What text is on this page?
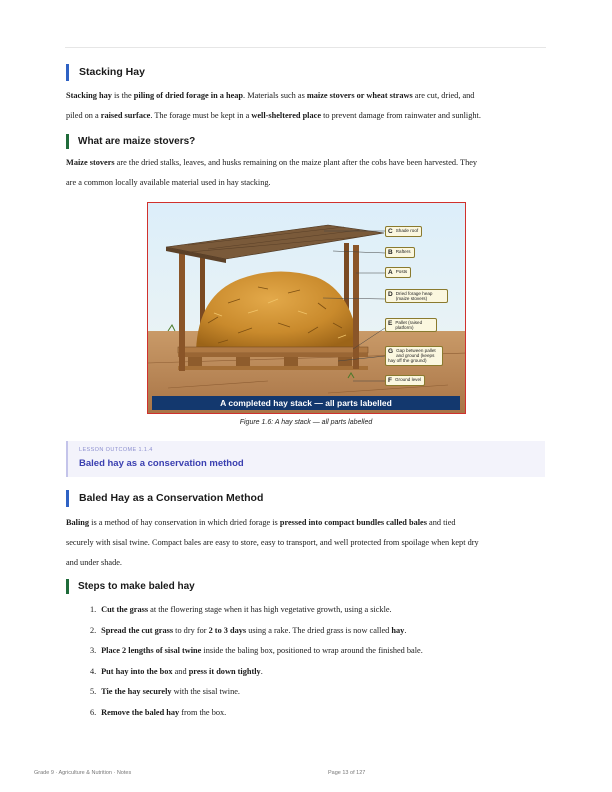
Stacking Hay
Stacking hay is the piling of dried forage in a heap. Materials such as maize stovers or wheat straws are cut, dried, and
piled on a raised surface. The forage must be kept in a well-sheltered place to prevent damage from rainwater and sunlight.
What are maize stovers?
Maize stovers are the dried stalks, leaves, and husks remaining on the maize plant after the cobs have been harvested. They
are a common locally available material used in hay stacking.
C Shade roof
B Rafters
A Posts
D Dried forage heap (maize stovers)
E Pallet (raised platform)
G Gap between pallet and ground (keeps hay off the ground)
F Ground level
A completed hay stack — all parts labelled
Figure 1.6: A hay stack — all parts labelled
LESSON OUTCOME 1.1.4
Baled hay as a conservation method
Baled Hay as a Conservation Method
Baling is a method of hay conservation in which dried forage is pressed into compact bundles called bales and tied
securely with sisal twine. Compact bales are easy to store, easy to transport, and well protected from spoilage when kept dry
and under shade.
Steps to make baled hay
1. Cut the grass at the flowering stage when it has high vegetative growth, using a sickle.
2. Spread the cut grass to dry for 2 to 3 days using a rake. The dried grass is now called hay.
3. Place 2 lengths of sisal twine inside the baling box, positioned to wrap around the finished bale.
4. Put hay into the box and press it down tightly.
5. Tie the hay securely with the sisal twine.
6. Remove the baled hay from the box.
Grade 9 · Agriculture & Nutrition · Notes	Page 13 of 127
